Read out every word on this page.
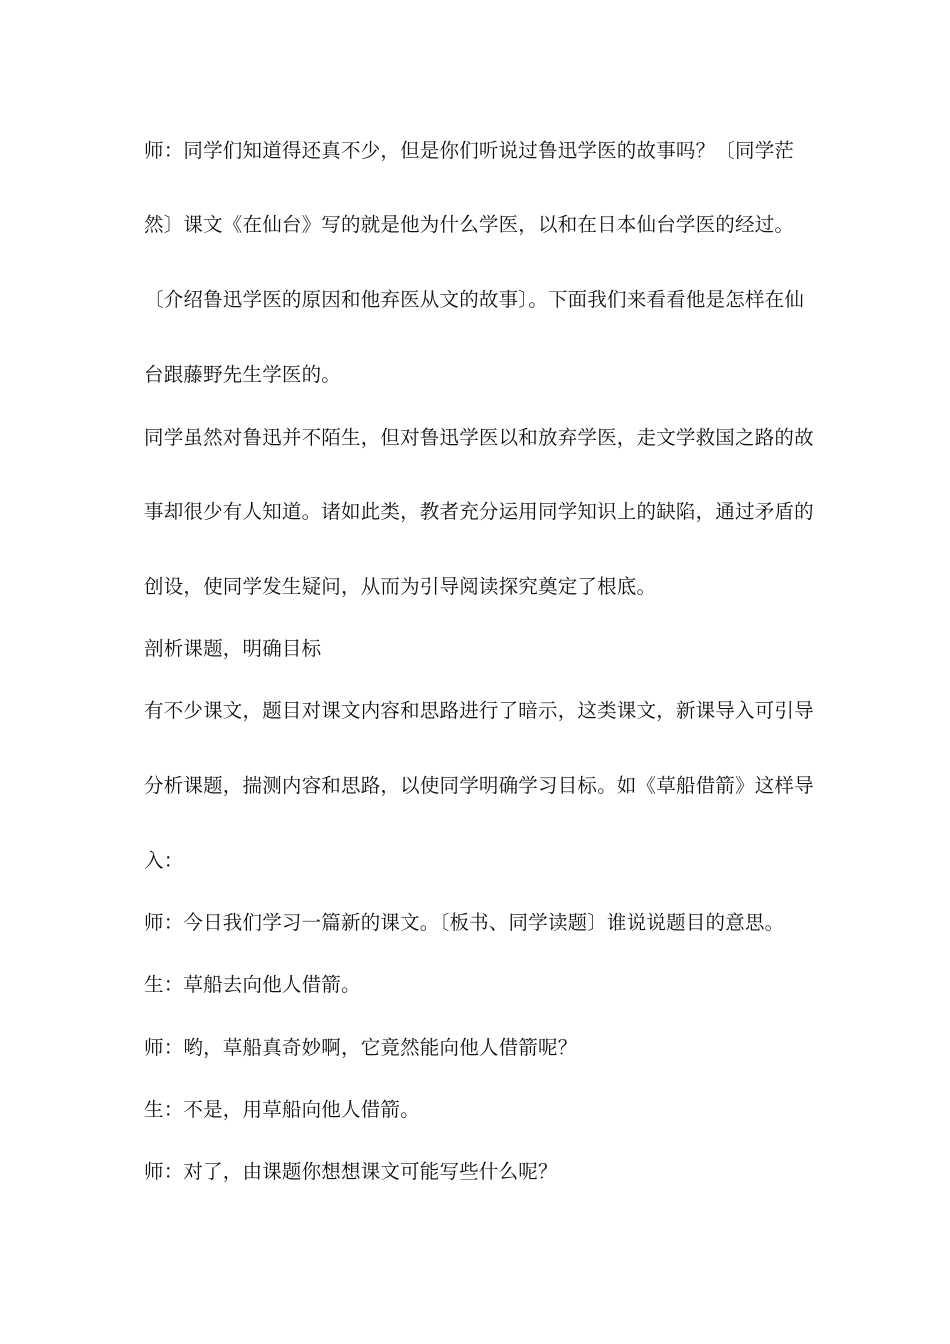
师：同学们知道得还真不少，但是你们听说过鲁迅学医的故事吗？〔同学茫
然〕课文《在仙台》写的就是他为什么学医，以和在日本仙台学医的经过。
〔介绍鲁迅学医的原因和他弃医从文的故事〕。下面我们来看看他是怎样在仙
台跟藤野先生学医的。
同学虽然对鲁迅并不陌生，但对鲁迅学医以和放弃学医，走文学救国之路的故
事却很少有人知道。诸如此类，教者充分运用同学知识上的缺陷，通过矛盾的
创设，使同学发生疑问，从而为引导阅读探究奠定了根底。
剖析课题，明确目标
有不少课文，题目对课文内容和思路进行了暗示，这类课文，新课导入可引导
分析课题，揣测内容和思路，以使同学明确学习目标。如《草船借箭》这样导
入：
师：今日我们学习一篇新的课文。〔板书、同学读题〕谁说说题目的意思。
生：草船去向他人借箭。
师：哟，草船真奇妙啊，它竟然能向他人借箭呢？
生：不是，用草船向他人借箭。
师：对了，由课题你想想课文可能写些什么呢？
